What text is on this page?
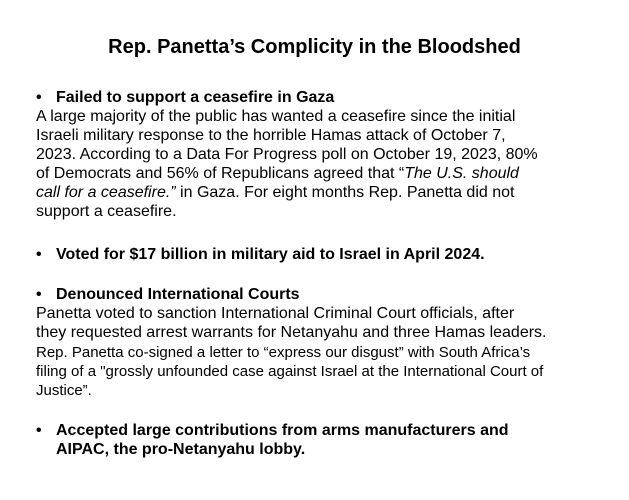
Rep. Panetta’s Complicity in the Bloodshed
• Failed to support a ceasefire in Gaza
A large majority of the public has wanted a ceasefire since the initial
Israeli military response to the horrible Hamas attack of October 7,
2023. According to a Data For Progress poll on October 19, 2023, 80%
of Democrats and 56% of Republicans agreed that “The U.S. should
call for a ceasefire.” in Gaza. For eight months Rep. Panetta did not
support a ceasefire.
• Voted for $17 billion in military aid to Israel in April 2024.
• Denounced International Courts
Panetta voted to sanction International Criminal Court officials, after
they requested arrest warrants for Netanyahu and three Hamas leaders.
Rep. Panetta co-signed a letter to “express our disgust” with South Africa’s
filing of a "grossly unfounded case against Israel at the International Court of
Justice”.
• Accepted large contributions from arms manufacturers and
AIPAC, the pro-Netanyahu lobby.
